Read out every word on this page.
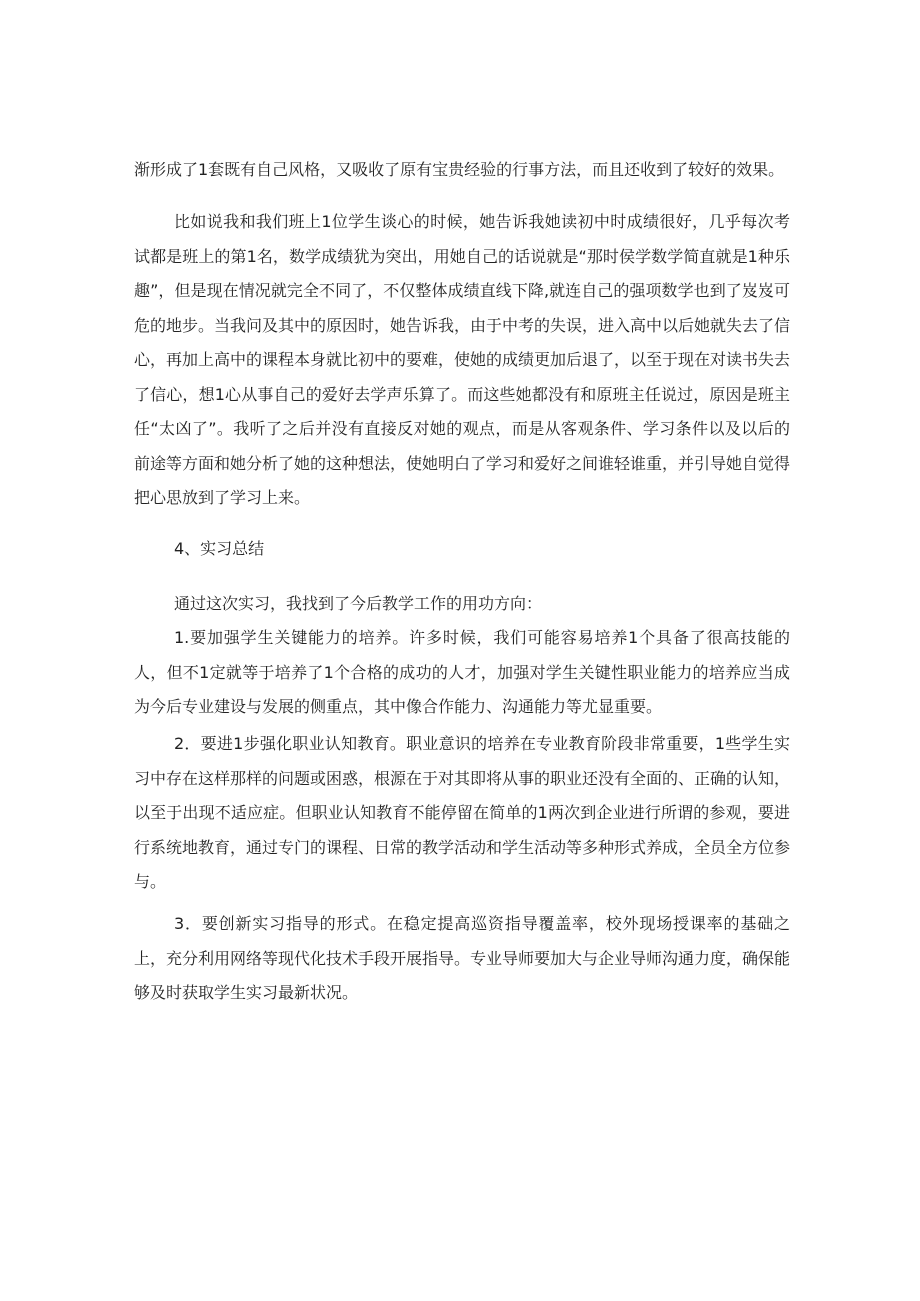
渐形成了1套既有自己风格，又吸收了原有宝贵经验的行事方法，而且还收到了较好的效果。

比如说我和我们班上1位学生谈心的时候，她告诉我她读初中时成绩很好，几乎每次考试都是班上的第1名，数学成绩犹为突出，用她自己的话说就是“那时侯学数学简直就是1种乐趣”，但是现在情况就完全不同了，不仅整体成绩直线下降,就连自己的强项数学也到了岌岌可危的地步。当我问及其中的原因时，她告诉我，由于中考的失误，进入高中以后她就失去了信心，再加上高中的课程本身就比初中的要难，使她的成绩更加后退了，以至于现在对读书失去了信心，想1心从事自己的爱好去学声乐算了。而这些她都没有和原班主任说过，原因是班主任“太凶了”。我听了之后并没有直接反对她的观点，而是从客观条件、学习条件以及以后的前途等方面和她分析了她的这种想法，使她明白了学习和爱好之间谁轻谁重，并引导她自觉得把心思放到了学习上来。

4、实习总结

通过这次实习，我找到了今后教学工作的用功方向：

1.要加强学生关键能力的培养。许多时候，我们可能容易培养1个具备了很高技能的人，但不1定就等于培养了1个合格的成功的人才，加强对学生关键性职业能力的培养应当成为今后专业建设与发展的侧重点，其中像合作能力、沟通能力等尤显重要。

2．要进1步强化职业认知教育。职业意识的培养在专业教育阶段非常重要，1些学生实习中存在这样那样的问题或困惑，根源在于对其即将从事的职业还没有全面的、正确的认知，以至于出现不适应症。但职业认知教育不能停留在简单的1两次到企业进行所谓的参观，要进行系统地教育，通过专门的课程、日常的教学活动和学生活动等多种形式养成，全员全方位参与。

3．要创新实习指导的形式。在稳定提高巡资指导覆盖率，校外现场授课率的基础之上，充分利用网络等现代化技术手段开展指导。专业导师要加大与企业导师沟通力度，确保能够及时获取学生实习最新状况。
